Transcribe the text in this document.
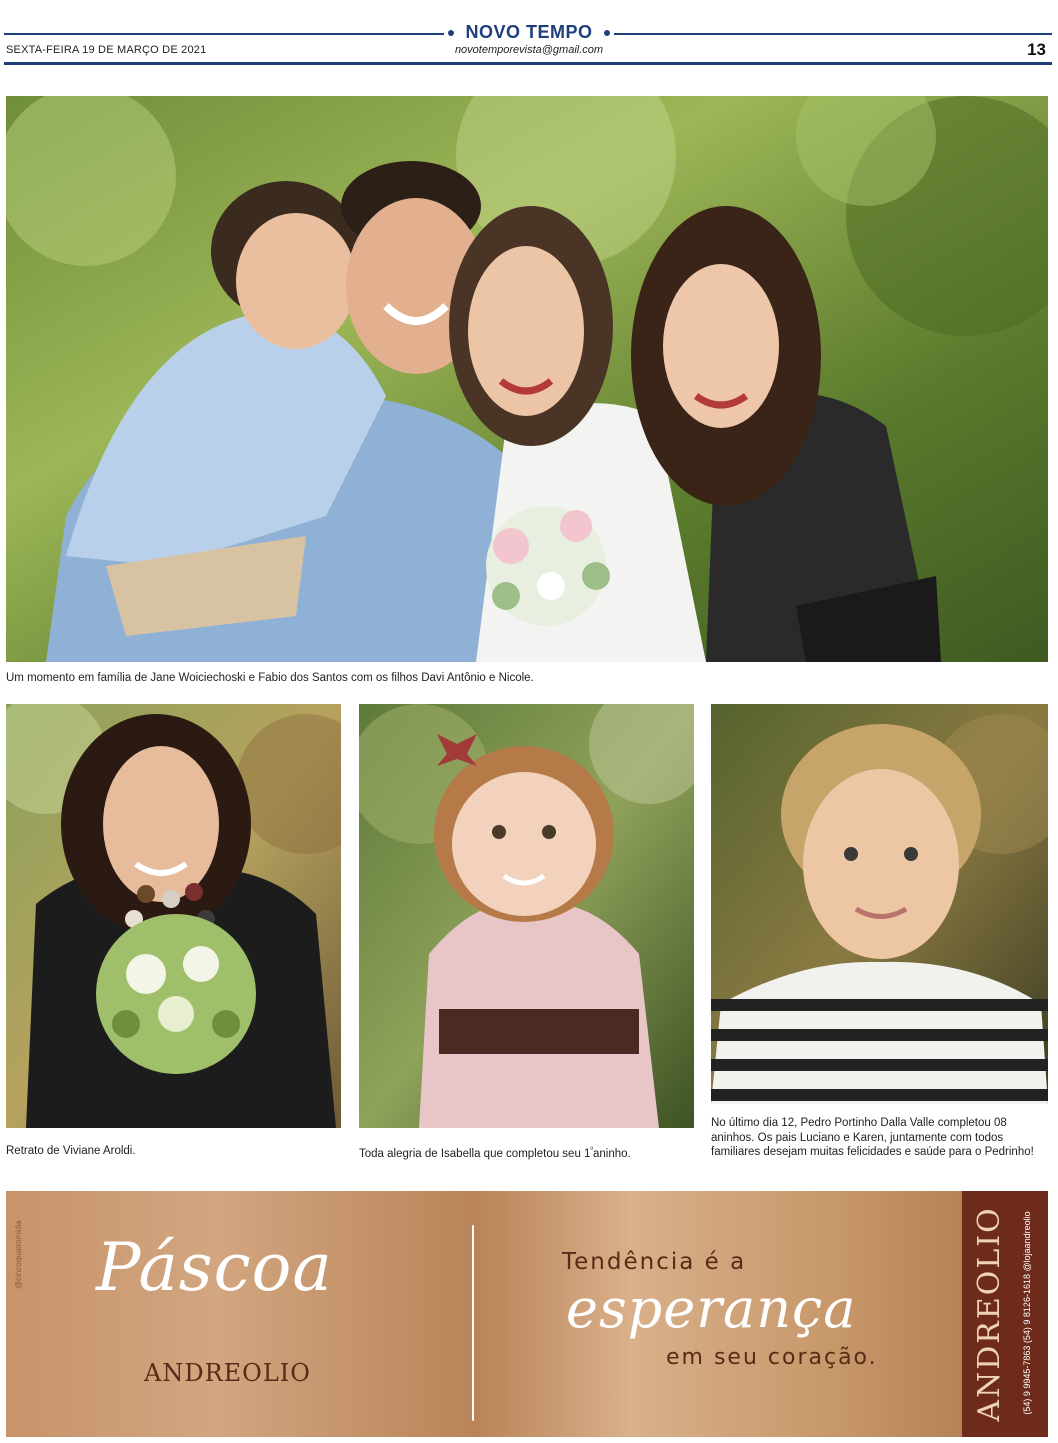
NOVO TEMPO
SEXTA-FEIRA 19 DE MARÇO DE 2021	novotemporevista@gmail.com	13
Um momento em família de Jane Woiciechoski e Fabio dos Santos com os filhos Davi Antônio e Nicole.
Retrato de Viviane Aroldi.	Toda alegria de Isabella que completou seu $1^ºaninho$.
No último dia 12, Pedro Portinho Dalla Valle completou 08 aninhos. Os pais Luciano e Karen, juntamente com todos familiares desejam muitas felicidades e saúde para o Pedrinho!
@cincoquatromidia Páscoa
ANDREOLIO
Tendência é a
esperança
em seu coração.	ANDREOLIO (54) 9 9945-7863 (54) 9 8126-1618 @lojaandreolio
